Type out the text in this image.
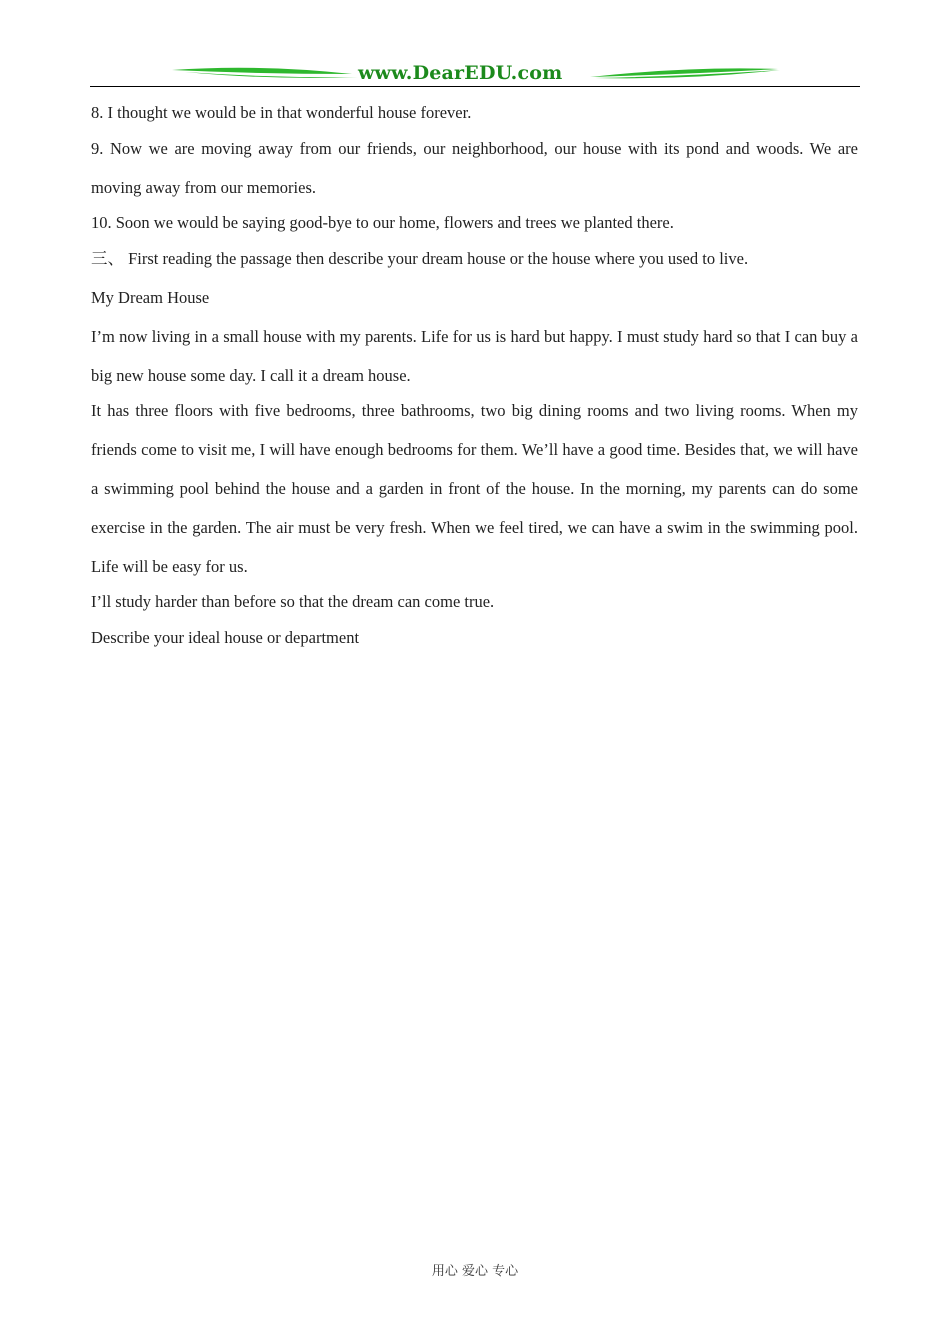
www.DearEDU.com

8. I thought we would be in that wonderful house forever.

9. Now we are moving away from our friends, our neighborhood, our house with its pond and woods. We are moving away from our memories.

10. Soon we would be saying good-bye to our home, flowers and trees we planted there.

三、 First reading the passage then describe your dream house or the house where you used to live.

My Dream House

I’m now living in a small house with my parents. Life for us is hard but happy. I must study hard so that I can buy a big new house some day. I call it a dream house.

It has three floors with five bedrooms, three bathrooms, two big dining rooms and two living rooms. When my friends come to visit me, I will have enough bedrooms for them. We’ll have a good time. Besides that, we will have a swimming pool behind the house and a garden in front of the house. In the morning, my parents can do some exercise in the garden. The air must be very fresh. When we feel tired, we can have a swim in the swimming pool. Life will be easy for us.

I’ll study harder than before so that the dream can come true.

Describe your ideal house or department

用心 爱心 专心
